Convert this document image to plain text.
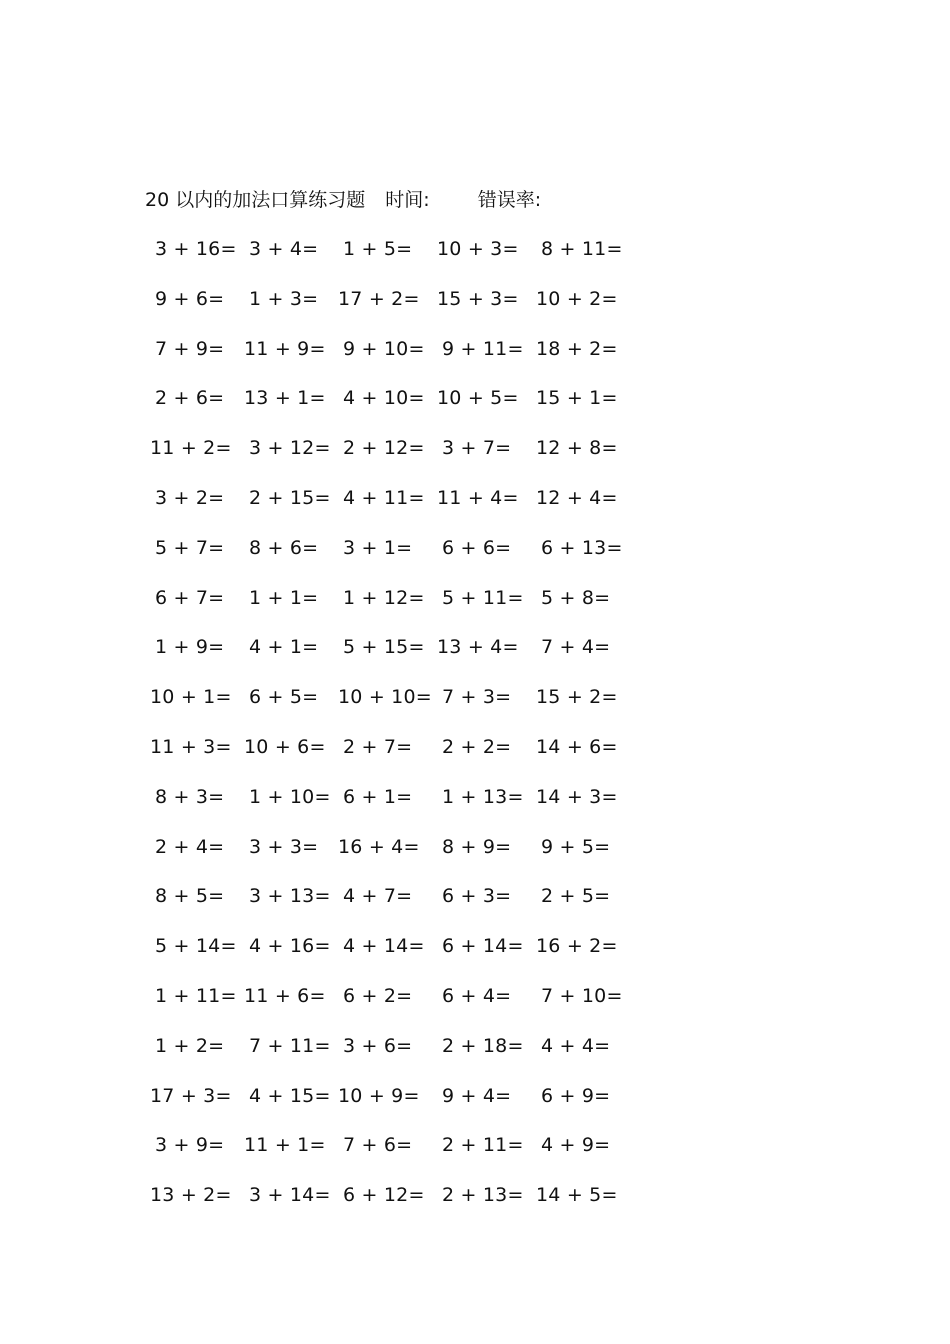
20 以内的加法口算练习题 时间:	错误率:
3 + 16= 3 + 4= 1 + 5= 10 + 3= 8 + 11=
9 + 6= 1 + 3= 17 + 2= 15 + 3= 10 + 2=
7 + 9= 11 + 9= 9 + 10= 9 + 11= 18 + 2=
2 + 6= 13 + 1= 4 + 10= 10 + 5= 15 + 1=
11 + 2= 3 + 12= 2 + 12= 3 + 7= 12 + 8=
3 + 2= 2 + 15= 4 + 11= 11 + 4= 12 + 4=
5 + 7= 8 + 6= 3 + 1= 6 + 6= 6 + 13=
6 + 7= 1 + 1= 1 + 12= 5 + 11= 5 + 8=
1 + 9= 4 + 1= 5 + 15= 13 + 4= 7 + 4=
10 + 1= 6 + 5= 10 + 10= 7 + 3= 15 + 2=
11 + 3= 10 + 6= 2 + 7= 2 + 2= 14 + 6=
8 + 3= 1 + 10= 6 + 1= 1 + 13= 14 + 3=
2 + 4= 3 + 3= 16 + 4= 8 + 9= 9 + 5=
8 + 5= 3 + 13= 4 + 7= 6 + 3= 2 + 5=
5 + 14= 4 + 16= 4 + 14= 6 + 14= 16 + 2=
1 + 11= 11 + 6= 6 + 2= 6 + 4= 7 + 10=
1 + 2= 7 + 11= 3 + 6= 2 + 18= 4 + 4=
17 + 3= 4 + 15= 10 + 9= 9 + 4= 6 + 9=
3 + 9= 11 + 1= 7 + 6= 2 + 11= 4 + 9=
13 + 2= 3 + 14= 6 + 12= 2 + 13= 14 + 5=
